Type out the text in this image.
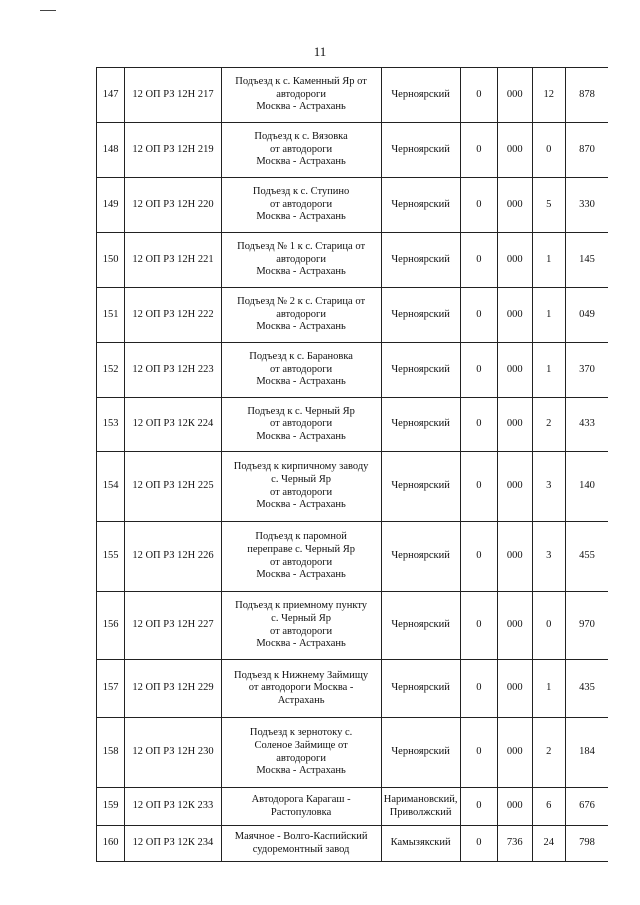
11
147	12 ОП РЗ 12Н 217	Подъезд к с. Каменный Яр от
автодороги
Москва - Астрахань	Черноярский	0	000	12	878
148	12 ОП РЗ 12Н 219	Подъезд к с. Вязовка
от автодороги
Москва - Астрахань	Черноярский	0	000	0	870
149	12 ОП РЗ 12Н 220	Подъезд к с. Ступино
от автодороги
Москва - Астрахань	Черноярский	0	000	5	330
150	12 ОП РЗ 12Н 221	Подъезд № 1 к с. Старица от
автодороги
Москва - Астрахань	Черноярский	0	000	1	145
151	12 ОП РЗ 12Н 222	Подъезд № 2 к с. Старица от
автодороги
Москва - Астрахань	Черноярский	0	000	1	049
152	12 ОП РЗ 12Н 223	Подъезд к с. Барановка
от автодороги
Москва - Астрахань	Черноярский	0	000	1	370
153	12 ОП РЗ 12К 224	Подъезд к с. Черный Яр
от автодороги
Москва - Астрахань	Черноярский	0	000	2	433
154	12 ОП РЗ 12Н 225	Подъезд к кирпичному заводу
с. Черный Яр
от автодороги
Москва - Астрахань	Черноярский	0	000	3	140
155	12 ОП РЗ 12Н 226	Подъезд к паромной
переправе с. Черный Яр
от автодороги
Москва - Астрахань	Черноярский	0	000	3	455
156	12 ОП РЗ 12Н 227	Подъезд к приемному пункту
с. Черный Яр
от автодороги
Москва - Астрахань	Черноярский	0	000	0	970
157	12 ОП РЗ 12Н 229	Подъезд к Нижнему Займищу
от автодороги Москва -
Астрахань	Черноярский	0	000	1	435
158	12 ОП РЗ 12Н 230	Подъезд к зернотоку с.
Соленое Займище от
автодороги
Москва - Астрахань	Черноярский	0	000	2	184
159	12 ОП РЗ 12К 233	Автодорога Карагаш -
Растопуловка	Наримановский,
Приволжский	0	000	6	676
160	12 ОП РЗ 12К 234	Маячное - Волго-Каспийский
судоремонтный завод	Камызякский	0	736	24	798
